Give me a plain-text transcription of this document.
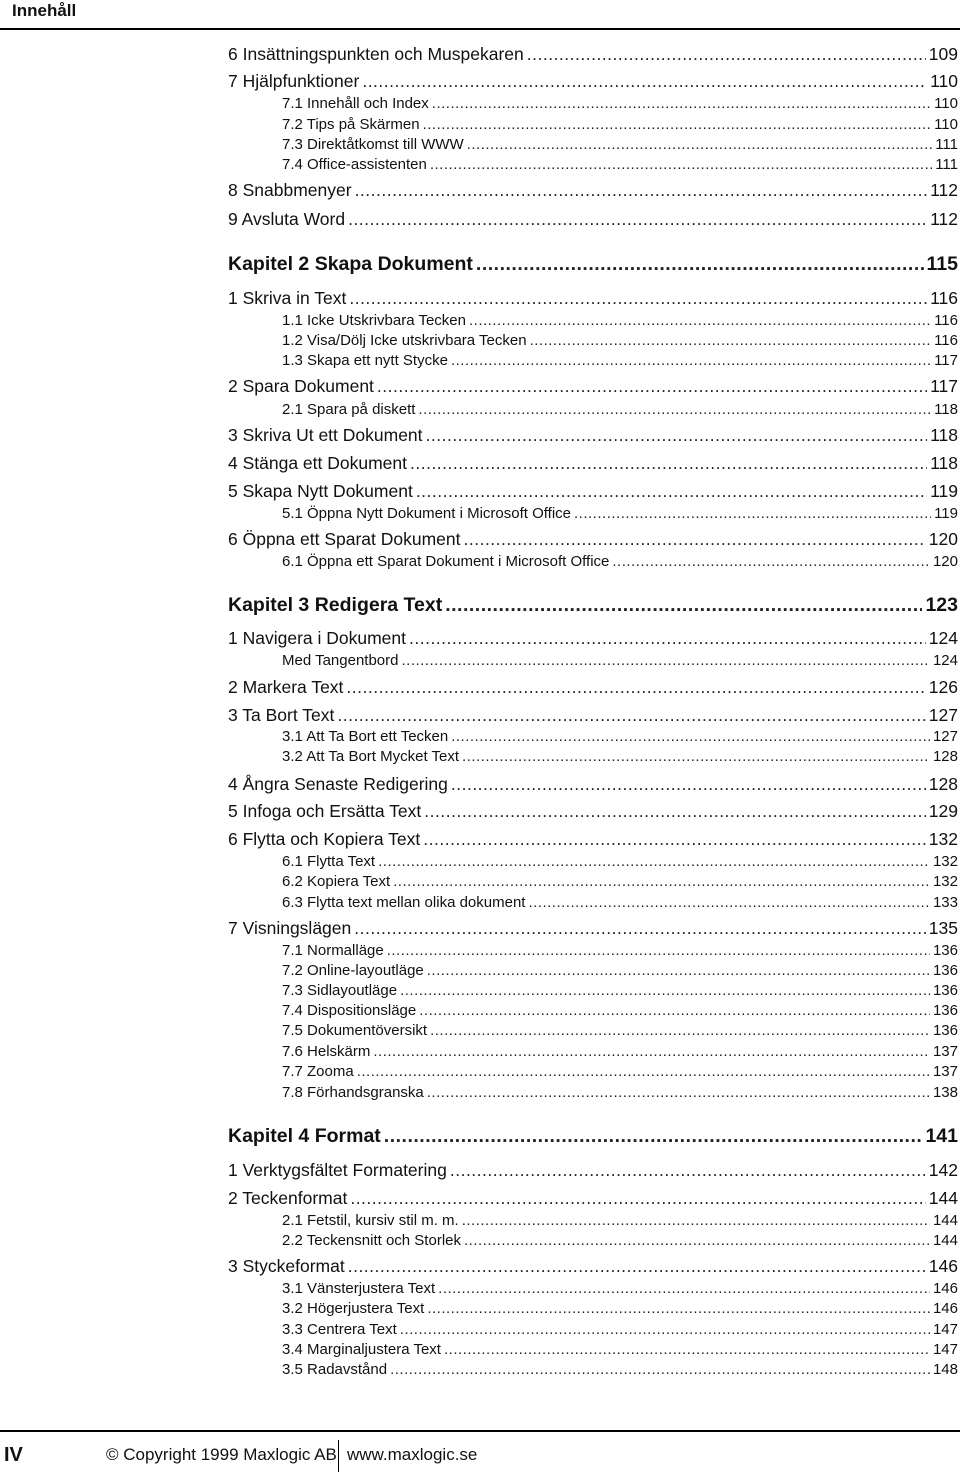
Innehåll
6 Insättningspunkten och Muspekaren .....	109
7 Hjälpfunktioner .....	110
7.1 Innehåll och Index .....	110
7.2 Tips på Skärmen .....	110
7.3 Direktåtkomst till WWW .....	111
7.4 Office-assistenten .....	111
8 Snabbmenyer .....	112
9 Avsluta Word .....	112
Kapitel 2 Skapa Dokument .....	115
1 Skriva in Text .....	116
1.1 Icke Utskrivbara Tecken .....	116
1.2 Visa/Dölj Icke utskrivbara Tecken .....	116
1.3 Skapa ett nytt Stycke .....	117
2 Spara Dokument .....	117
2.1 Spara på diskett .....	118
3 Skriva Ut ett Dokument .....	118
4 Stänga ett Dokument .....	118
5 Skapa Nytt Dokument .....	119
5.1 Öppna Nytt Dokument i Microsoft Office .....	119
6 Öppna ett Sparat Dokument .....	120
6.1 Öppna ett Sparat Dokument i Microsoft Office .....	120
Kapitel 3 Redigera Text .....	123
1 Navigera i Dokument .....	124
Med Tangentbord .....	124
2 Markera Text .....	126
3 Ta Bort Text .....	127
3.1 Att Ta Bort ett Tecken .....	127
3.2 Att Ta Bort Mycket Text .....	128
4 Ångra Senaste Redigering .....	128
5 Infoga och Ersätta Text .....	129
6 Flytta och Kopiera Text .....	132
6.1 Flytta Text .....	132
6.2 Kopiera Text .....	132
6.3 Flytta text mellan olika dokument .....	133
7 Visningslägen .....	135
7.1 Normalläge .....	136
7.2 Online-layoutläge .....	136
7.3 Sidlayoutläge .....	136
7.4 Dispositionsläge .....	136
7.5 Dokumentöversikt .....	136
7.6 Helskärm .....	137
7.7 Zooma .....	137
7.8 Förhandsgranska .....	138
Kapitel 4 Format .....	141
1 Verktygsfältet Formatering .....	142
2 Teckenformat .....	144
2.1 Fetstil, kursiv stil m. m. .....	144
2.2 Teckensnitt och Storlek .....	144
3 Styckeformat .....	146
3.1 Vänsterjustera Text .....	146
3.2 Högerjustera Text .....	146
3.3 Centrera Text .....	147
3.4 Marginaljustera Text .....	147
3.5 Radavstånd .....	148
IV	© Copyright 1999 Maxlogic AB www.maxlogic.se
